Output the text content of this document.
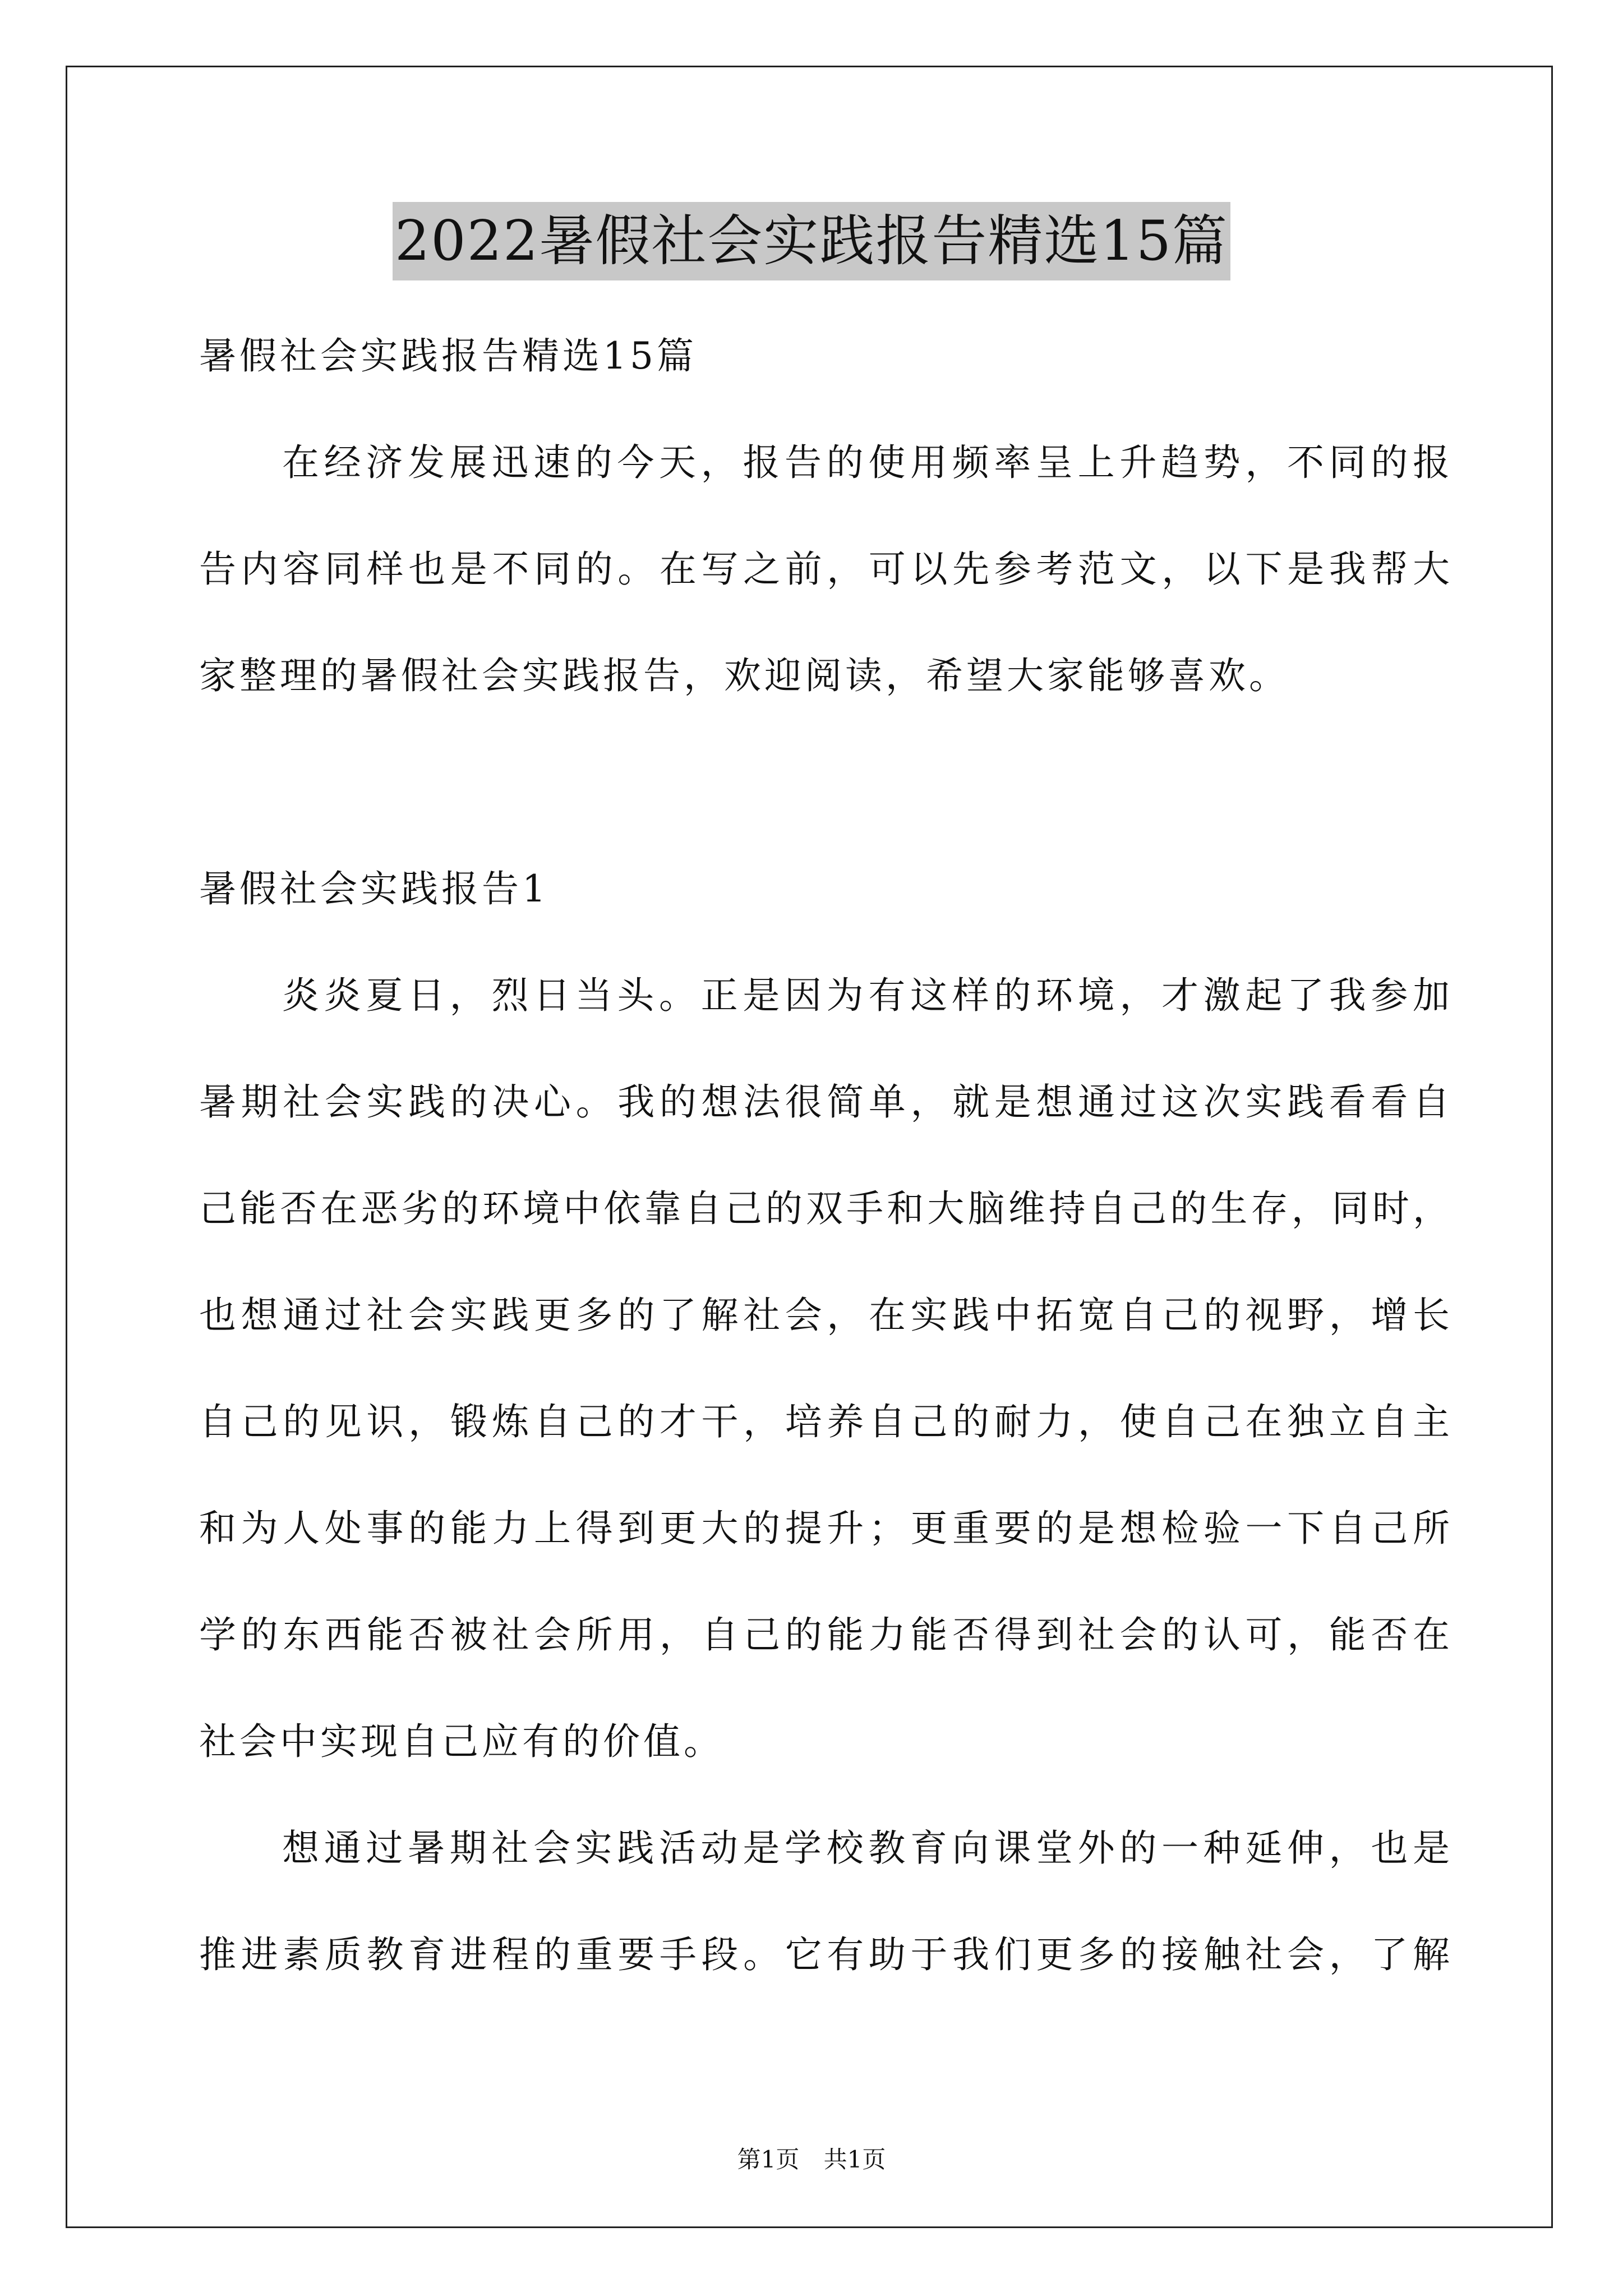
2022暑假社会实践报告精选15篇
暑假社会实践报告精选15篇
在经济发展迅速的今天，报告的使用频率呈上升趋势，不同的报
告内容同样也是不同的。在写之前，可以先参考范文，以下是我帮大
家整理的暑假社会实践报告，欢迎阅读，希望大家能够喜欢。
暑假社会实践报告1
炎炎夏日，烈日当头。正是因为有这样的环境，才激起了我参加
暑期社会实践的决心。我的想法很简单，就是想通过这次实践看看自
己能否在恶劣的环境中依靠自己的双手和大脑维持自己的生存，同时，
也想通过社会实践更多的了解社会，在实践中拓宽自己的视野，增长
自己的见识，锻炼自己的才干，培养自己的耐力，使自己在独立自主
和为人处事的能力上得到更大的提升；更重要的是想检验一下自己所
学的东西能否被社会所用，自己的能力能否得到社会的认可，能否在
社会中实现自己应有的价值。
想通过暑期社会实践活动是学校教育向课堂外的一种延伸，也是
推进素质教育进程的重要手段。它有助于我们更多的接触社会，了解
第1页 共1页
